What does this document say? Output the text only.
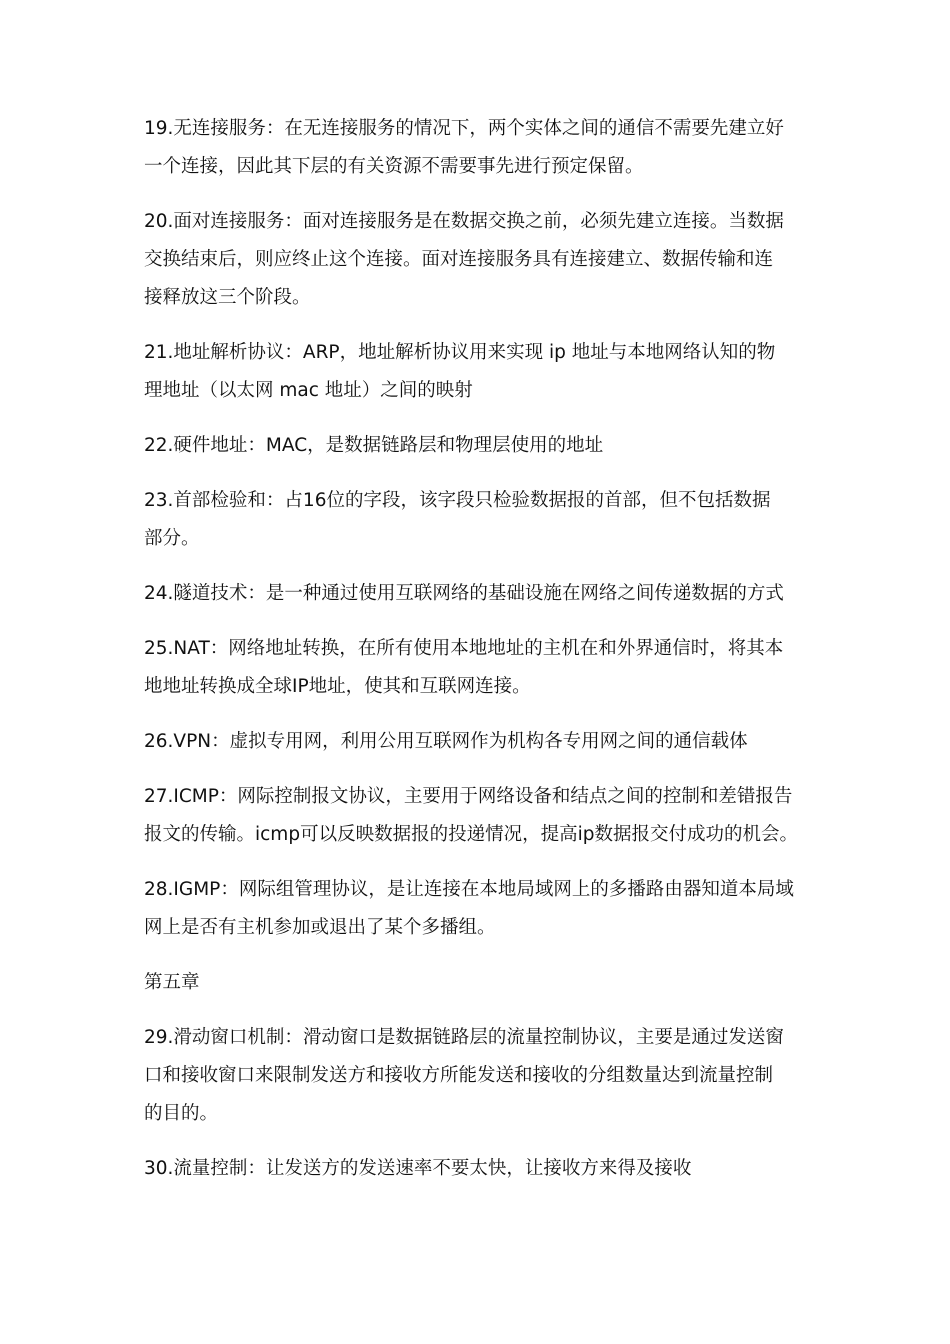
19.无连接服务：在无连接服务的情况下，两个实体之间的通信不需要先建立好
一个连接，因此其下层的有关资源不需要事先进行预定保留。
20.面对连接服务：面对连接服务是在数据交换之前，必须先建立连接。当数据
交换结束后，则应终止这个连接。面对连接服务具有连接建立、数据传输和连
接释放这三个阶段。
21.地址解析协议：ARP，地址解析协议用来实现 ip 地址与本地网络认知的物
理地址（以太网 mac 地址）之间的映射
22.硬件地址：MAC，是数据链路层和物理层使用的地址
23.首部检验和：占16位的字段，该字段只检验数据报的首部，但不包括数据
部分。
24.隧道技术：是一种通过使用互联网络的基础设施在网络之间传递数据的方式
25.NAT：网络地址转换，在所有使用本地地址的主机在和外界通信时，将其本
地地址转换成全球IP地址，使其和互联网连接。
26.VPN：虚拟专用网，利用公用互联网作为机构各专用网之间的通信载体
27.ICMP：网际控制报文协议，主要用于网络设备和结点之间的控制和差错报告
报文的传输。icmp可以反映数据报的投递情况，提高ip数据报交付成功的机会。
28.IGMP：网际组管理协议，是让连接在本地局域网上的多播路由器知道本局域
网上是否有主机参加或退出了某个多播组。
第五章
29.滑动窗口机制：滑动窗口是数据链路层的流量控制协议，主要是通过发送窗
口和接收窗口来限制发送方和接收方所能发送和接收的分组数量达到流量控制
的目的。
30.流量控制：让发送方的发送速率不要太快，让接收方来得及接收
